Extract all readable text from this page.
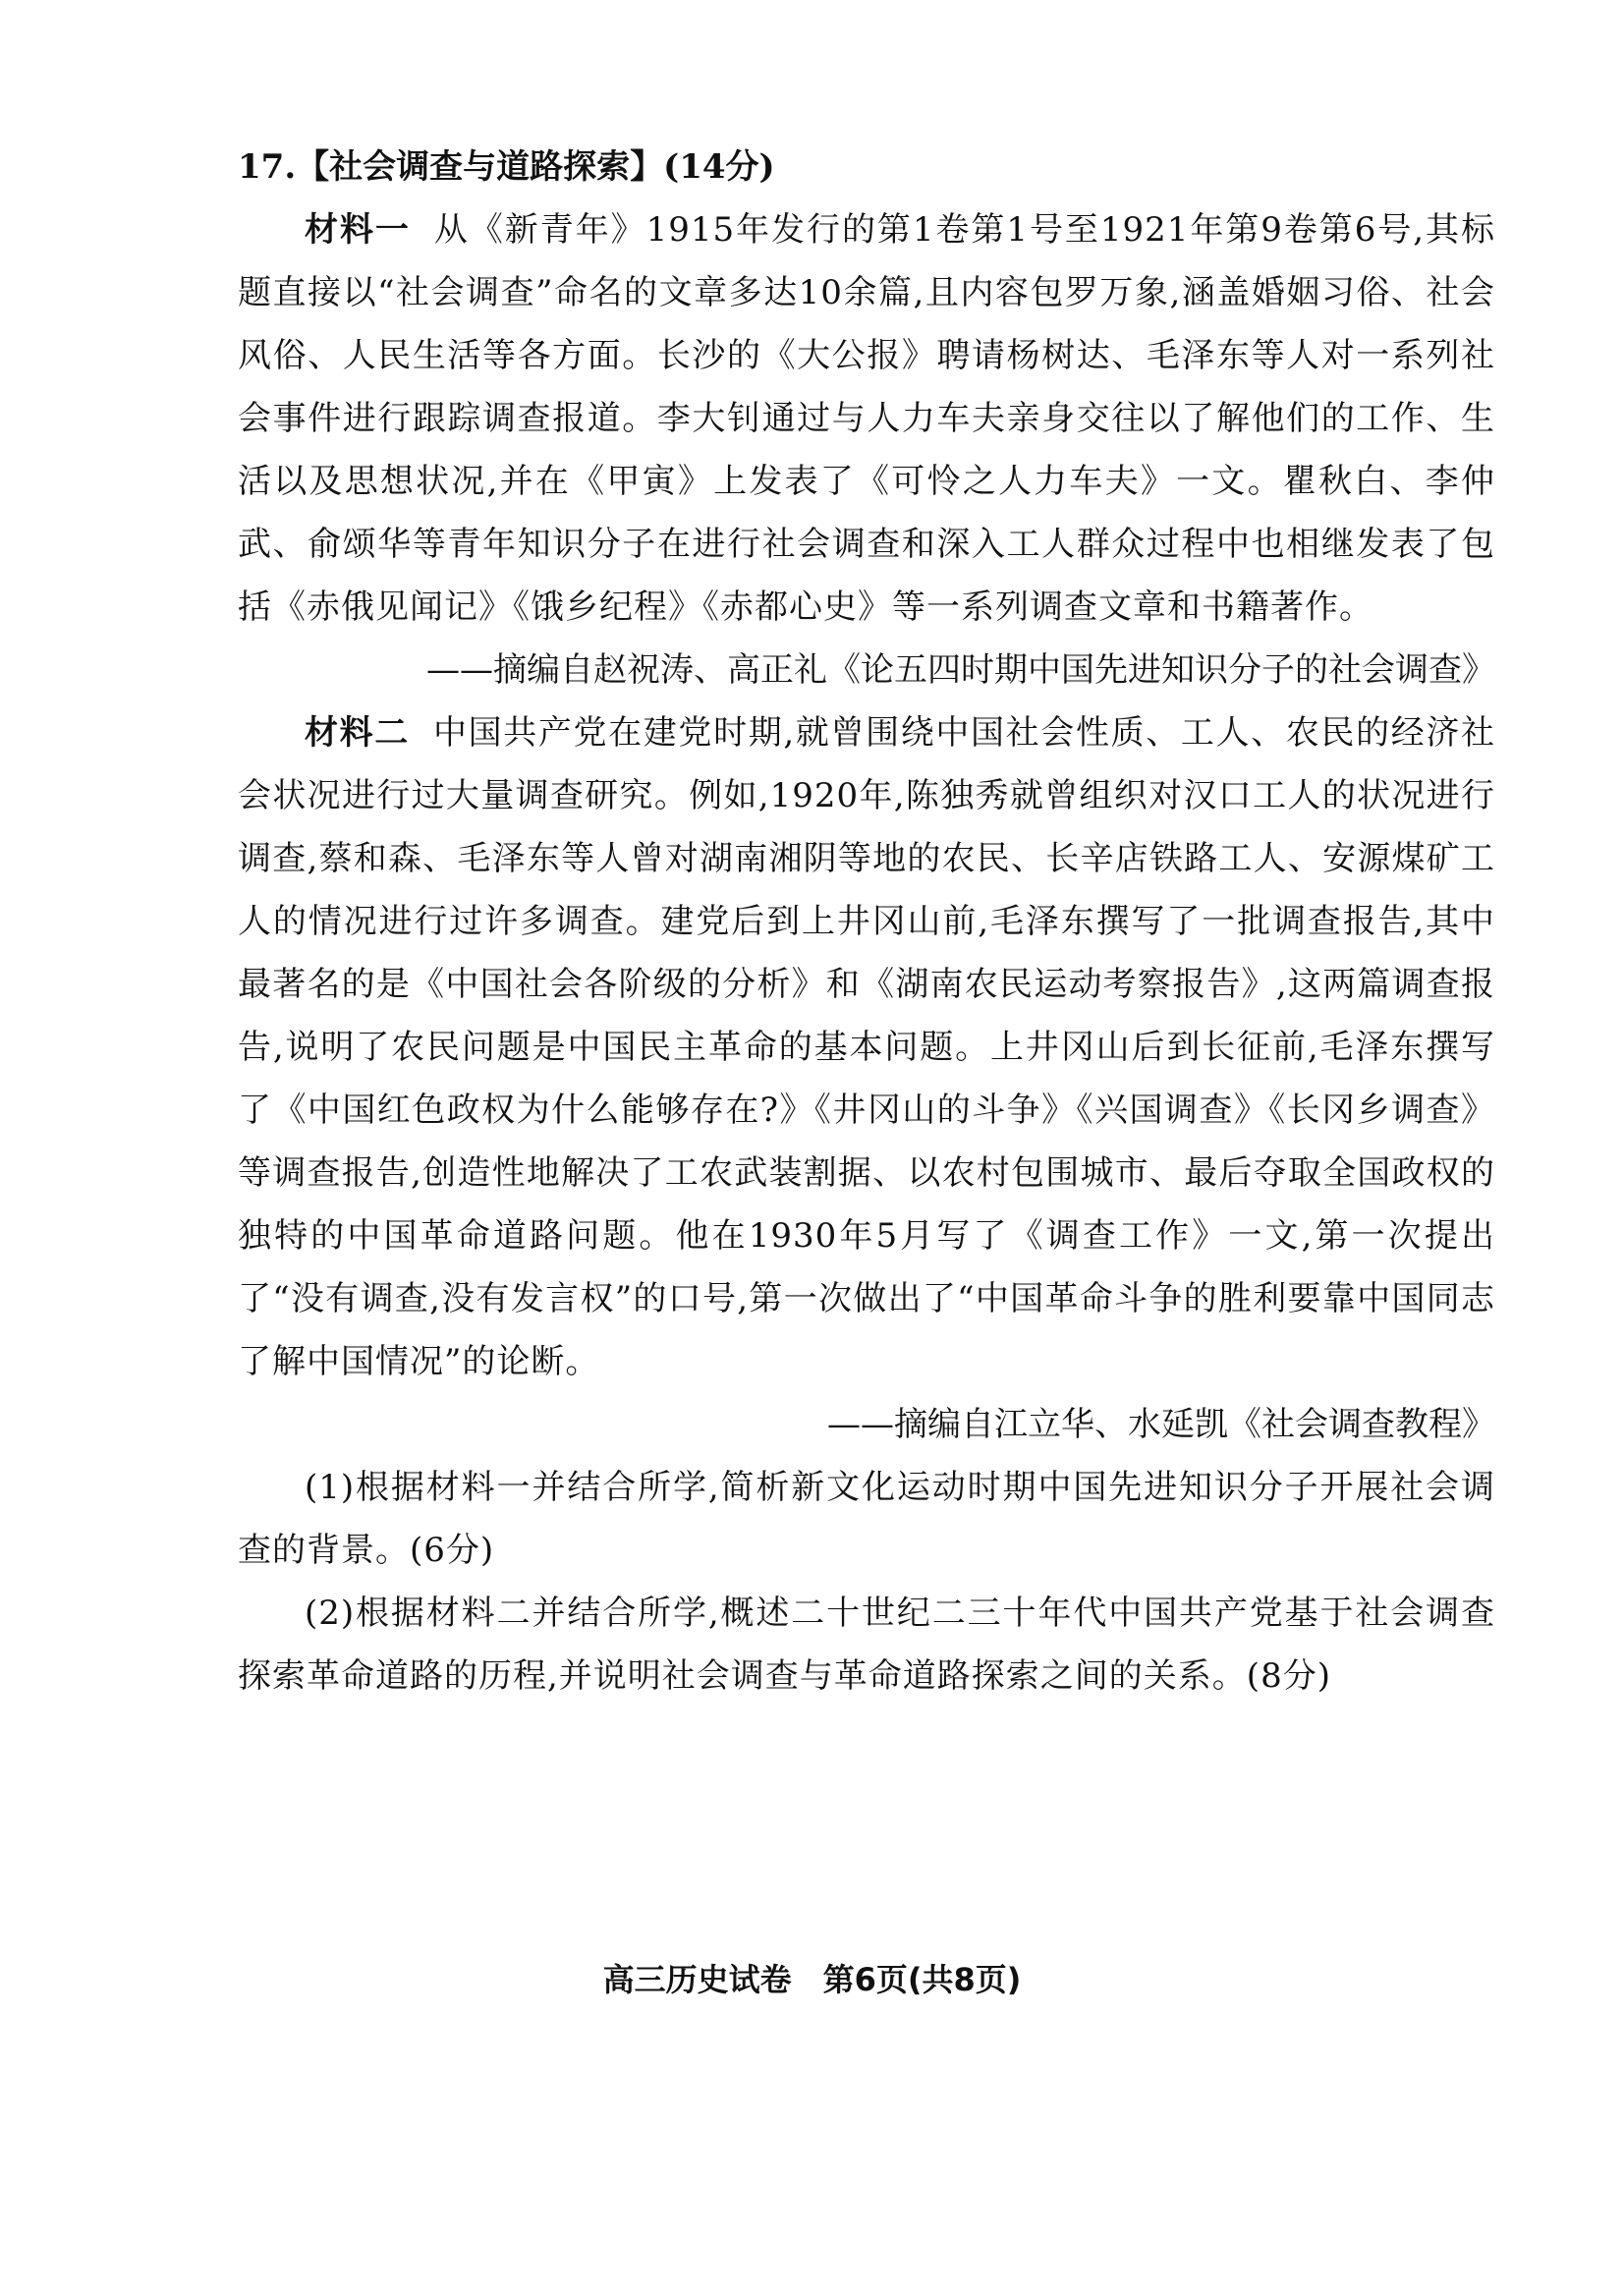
17.【社会调查与道路探索】(14分)

材料一 从《新青年》1915年发行的第1卷第1号至1921年第9卷第6号,其标题直接以“社会调查”命名的文章多达10余篇,且内容包罗万象,涵盖婚姻习俗、社会风俗、人民生活等各方面。长沙的《大公报》聘请杨树达、毛泽东等人对一系列社会事件进行跟踪调查报道。李大钊通过与人力车夫亲身交往以了解他们的工作、生活以及思想状况,并在《甲寅》上发表了《可怜之人力车夫》一文。瞿秋白、李仲武、俞颂华等青年知识分子在进行社会调查和深入工人群众过程中也相继发表了包括《赤俄见闻记》《饿乡纪程》《赤都心史》等一系列调查文章和书籍著作。

——摘编自赵祝涛、高正礼《论五四时期中国先进知识分子的社会调查》

材料二 中国共产党在建党时期,就曾围绕中国社会性质、工人、农民的经济社会状况进行过大量调查研究。例如,1920年,陈独秀就曾组织对汉口工人的状况进行调查,蔡和森、毛泽东等人曾对湖南湘阴等地的农民、长辛店铁路工人、安源煤矿工人的情况进行过许多调查。建党后到上井冈山前,毛泽东撰写了一批调查报告,其中最著名的是《中国社会各阶级的分析》和《湖南农民运动考察报告》,这两篇调查报告,说明了农民问题是中国民主革命的基本问题。上井冈山后到长征前,毛泽东撰写了《中国红色政权为什么能够存在?》《井冈山的斗争》《兴国调查》《长冈乡调查》等调查报告,创造性地解决了工农武装割据、以农村包围城市、最后夺取全国政权的独特的中国革命道路问题。他在1930年5月写了《调查工作》一文,第一次提出了“没有调查,没有发言权”的口号,第一次做出了“中国革命斗争的胜利要靠中国同志了解中国情况”的论断。

——摘编自江立华、水延凯《社会调查教程》

(1)根据材料一并结合所学,简析新文化运动时期中国先进知识分子开展社会调查的背景。(6分)

(2)根据材料二并结合所学,概述二十世纪二三十年代中国共产党基于社会调查探索革命道路的历程,并说明社会调查与革命道路探索之间的关系。(8分)

高三历史试卷　第6页(共8页)
